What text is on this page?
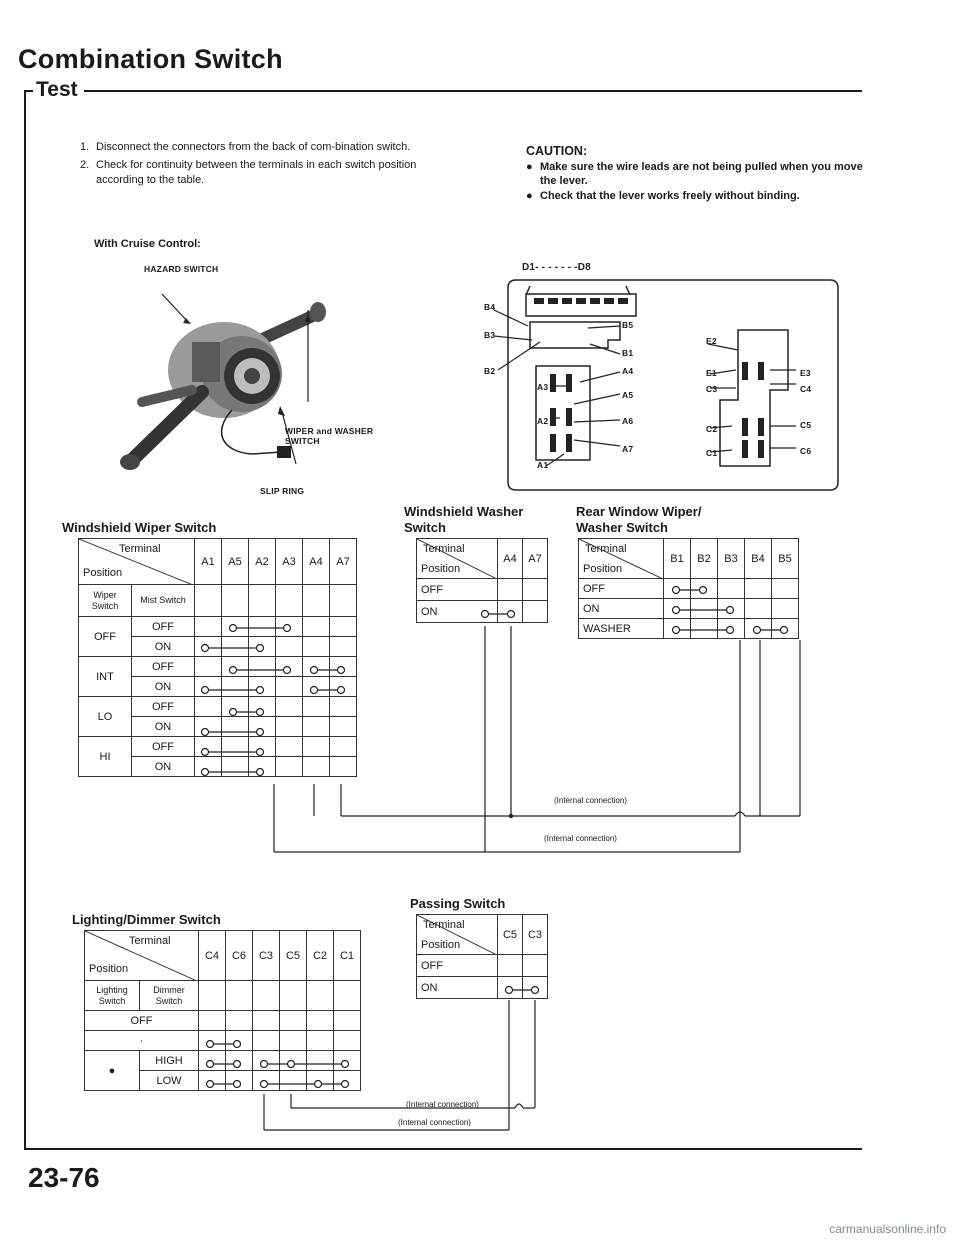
Combination Switch
Test
1. Disconnect the connectors from the back of com-bination switch.
2. Check for continuity between the terminals in each switch position according to the table.
With Cruise Control:
CAUTION:
● Make sure the wire leads are not being pulled when you move the lever.
● Check that the lever works freely without binding.
HAZARD SWITCH
WIPER and WASHER
SWITCH
SLIP RING
D1- - - - - - -D8
B4
B3
B2
B5
B1
A4
A3
A5
A2	A6
A1
A7
E2
E1	E3
C3	C4
C2	C5
C1	C6
Windshield Wiper Switch
Terminal
Position		A1	A5	A2	A3	A4	A7
Wiper Switch	Mist Switch						
OFF	OFF						
	ON						
INT	OFF						
	ON						
LO	OFF						
	ON						
HI	OFF						
	ON						
Windshield Washer
Switch
Terminal
Position	A4	A7
OFF		
ON		
Rear Window Wiper/
Washer Switch
Terminal
Position	B1	B2	B3	B4	B5
OFF					
ON					
WASHER					
(Internal connection)
(Internal connection)
Lighting/Dimmer Switch
Terminal
Position		C4	C6	C3	C5	C2	C1
Lighting Switch	Dimmer Switch						
OFF							
·							
●	HIGH						
	LOW						
Passing Switch
Terminal
Position	C5	C3
OFF		
ON		
(Internal connection)
(Internal connection)
23-76
carmanualsonline.info
